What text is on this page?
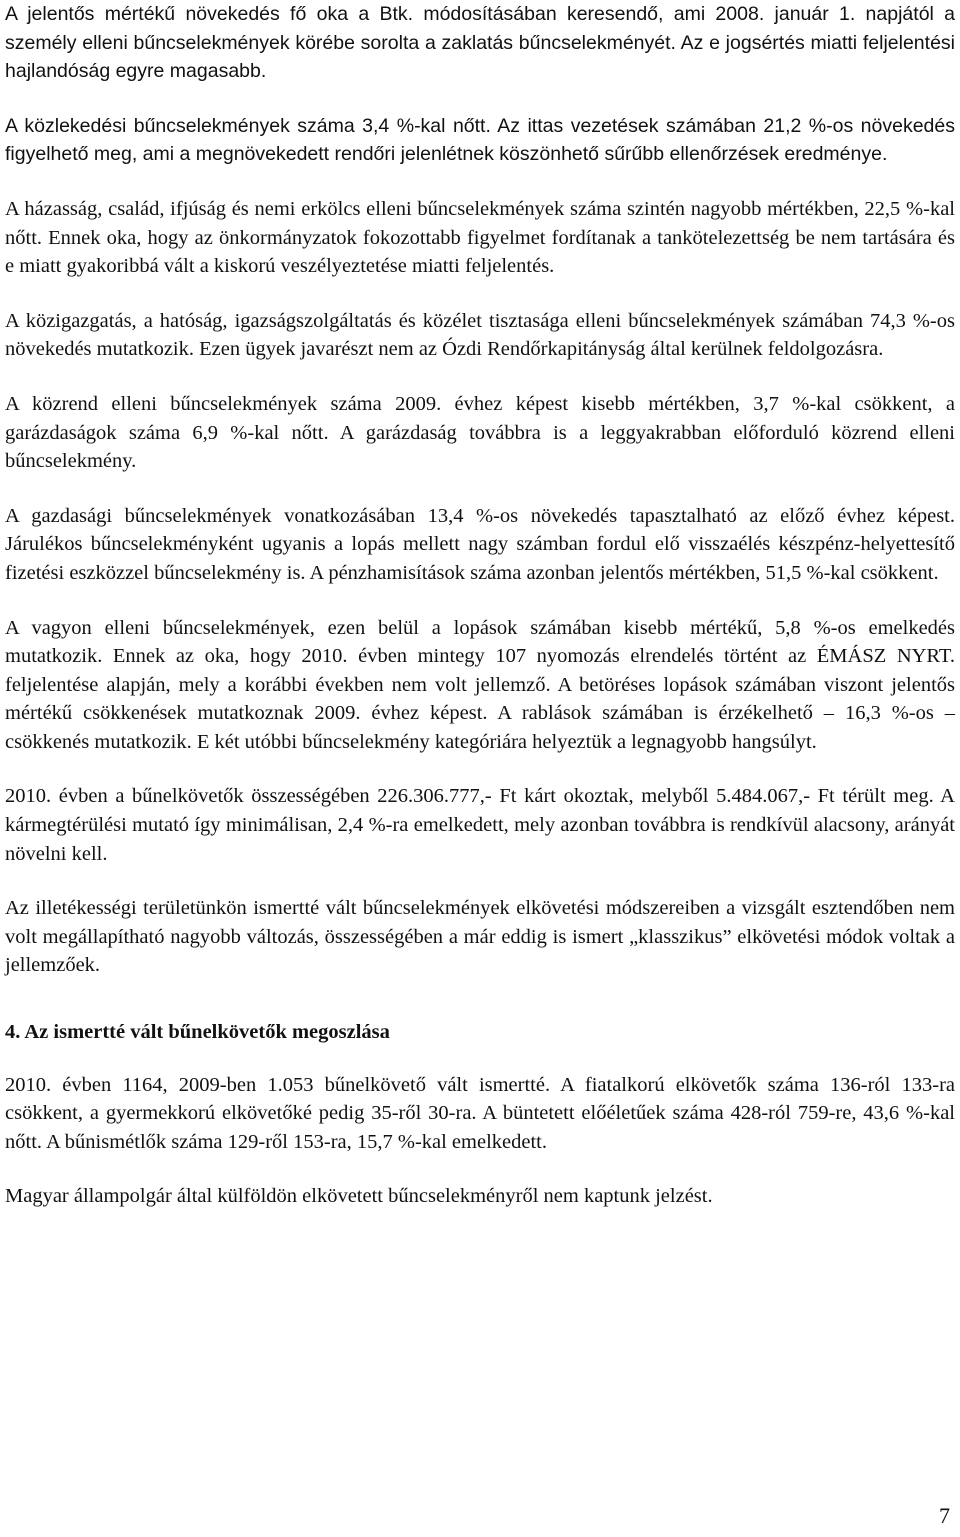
A jelentős mértékű növekedés fő oka a Btk. módosításában keresendő, ami 2008. január 1. napjától a személy elleni bűncselekmények körébe sorolta a zaklatás bűncselekményét. Az e jogsértés miatti feljelentési hajlandóság egyre magasabb.

A közlekedési bűncselekmények száma 3,4 %-kal nőtt. Az ittas vezetések számában 21,2 %-os növekedés figyelhető meg, ami a megnövekedett rendőri jelenlétnek köszönhető sűrűbb ellenőrzések eredménye.

A házasság, család, ifjúság és nemi erkölcs elleni bűncselekmények száma szintén nagyobb mértékben, 22,5 %-kal nőtt. Ennek oka, hogy az önkormányzatok fokozottabb figyelmet fordítanak a tankötelezettség be nem tartására és e miatt gyakoribbá vált a kiskorú veszélyeztetése miatti feljelentés.

A közigazgatás, a hatóság, igazságszolgáltatás és közélet tisztasága elleni bűncselekmények számában 74,3 %-os növekedés mutatkozik. Ezen ügyek javarészt nem az Ózdi Rendőrkapitányság által kerülnek feldolgozásra.

A közrend elleni bűncselekmények száma 2009. évhez képest kisebb mértékben, 3,7 %-kal csökkent, a garázdaságok száma 6,9 %-kal nőtt. A garázdaság továbbra is a leggyakrabban előforduló közrend elleni bűncselekmény.

A gazdasági bűncselekmények vonatkozásában 13,4 %-os növekedés tapasztalható az előző évhez képest. Járulékos bűncselekményként ugyanis a lopás mellett nagy számban fordul elő visszaélés készpénz-helyettesítő fizetési eszközzel bűncselekmény is. A pénzhamisítások száma azonban jelentős mértékben, 51,5 %-kal csökkent.

A vagyon elleni bűncselekmények, ezen belül a lopások számában kisebb mértékű, 5,8 %-os emelkedés mutatkozik. Ennek az oka, hogy 2010. évben mintegy 107 nyomozás elrendelés történt az ÉMÁSZ NYRT. feljelentése alapján, mely a korábbi években nem volt jellemző. A betöréses lopások számában viszont jelentős mértékű csökkenések mutatkoznak 2009. évhez képest. A rablások számában is érzékelhető – 16,3 %-os – csökkenés mutatkozik. E két utóbbi bűncselekmény kategóriára helyeztük a legnagyobb hangsúlyt.

2010. évben a bűnelkövetők összességében 226.306.777,- Ft kárt okoztak, melyből 5.484.067,- Ft térült meg. A kármegtérülési mutató így minimálisan, 2,4 %-ra emelkedett, mely azonban továbbra is rendkívül alacsony, arányát növelni kell.

Az illetékességi területünkön ismertté vált bűncselekmények elkövetési módszereiben a vizsgált esztendőben nem volt megállapítható nagyobb változás, összességében a már eddig is ismert „klasszikus” elkövetési módok voltak a jellemzőek.

4. Az ismertté vált bűnelkövetők megoszlása

2010. évben 1164, 2009-ben 1.053 bűnelkövető vált ismertté. A fiatalkorú elkövetők száma 136-ról 133-ra csökkent, a gyermekkorú elkövetőké pedig 35-ről 30-ra. A büntetett előéletűek száma 428-ról 759-re, 43,6 %-kal nőtt. A bűnismétlők száma 129-ről 153-ra, 15,7 %-kal emelkedett.

Magyar állampolgár által külföldön elkövetett bűncselekményről nem kaptunk jelzést.

7
